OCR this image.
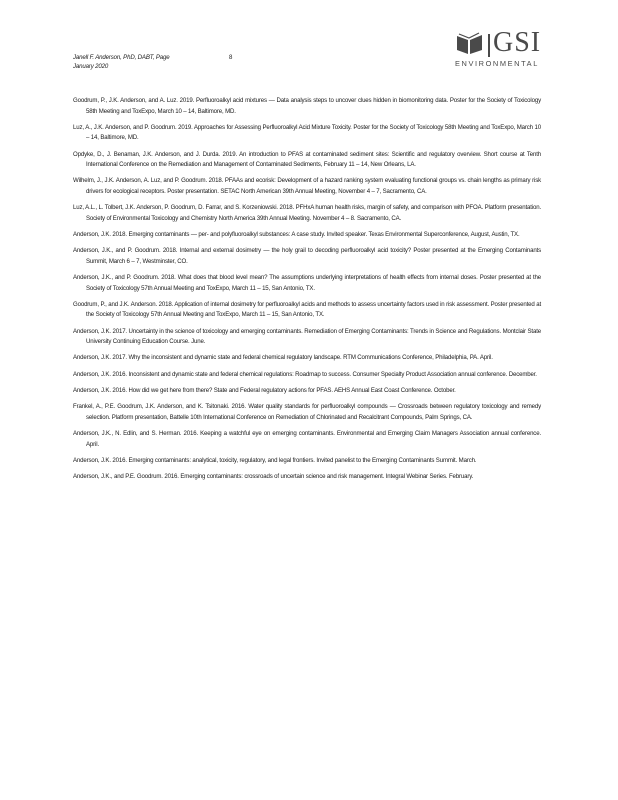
Janell F. Anderson, PhD, DABT, Page
January 2020
8	GSI
ENVIRONMENTAL

Goodrum, P., J.K. Anderson, and A. Luz. 2019. Perfluoroalkyl acid mixtures — Data analysis steps to uncover clues hidden in biomonitoring data. Poster for the Society of Toxicology 58th Meeting and ToxExpo, March 10 – 14, Baltimore, MD.

Luz, A., J.K. Anderson, and P. Goodrum. 2019. Approaches for Assessing Perfluoroalkyl Acid Mixture Toxicity. Poster for the Society of Toxicology 58th Meeting and ToxExpo, March 10 – 14, Baltimore, MD.

Opdyke, D., J. Benaman, J.K. Anderson, and J. Durda. 2019. An introduction to PFAS at contaminated sediment sites: Scientific and regulatory overview. Short course at Tenth International Conference on the Remediation and Management of Contaminated Sediments, February 11 – 14, New Orleans, LA.

Wilhelm, J., J.K. Anderson, A. Luz, and P. Goodrum. 2018. PFAAs and ecorisk: Development of a hazard ranking system evaluating functional groups vs. chain lengths as primary risk drivers for ecological receptors. Poster presentation. SETAC North American 39th Annual Meeting, November 4 – 7, Sacramento, CA.

Luz, A.L., L. Tolbert, J.K. Anderson, P. Goodrum, D. Farrar, and S. Korzeniowski. 2018. PFHxA human health risks, margin of safety, and comparison with PFOA. Platform presentation. Society of Environmental Toxicology and Chemistry North America 39th Annual Meeting. November 4 – 8. Sacramento, CA.

Anderson, J.K. 2018. Emerging contaminants — per- and polyfluoroalkyl substances: A case study. Invited speaker. Texas Environmental Superconference, August, Austin, TX.

Anderson, J.K., and P. Goodrum. 2018. Internal and external dosimetry — the holy grail to decoding perfluoroalkyl acid toxicity? Poster presented at the Emerging Contaminants Summit, March 6 – 7, Westminster, CO.

Anderson, J.K., and P. Goodrum. 2018. What does that blood level mean? The assumptions underlying interpretations of health effects from internal doses. Poster presented at the Society of Toxicology 57th Annual Meeting and ToxExpo, March 11 – 15, San Antonio, TX.

Goodrum, P., and J.K. Anderson. 2018. Application of internal dosimetry for perfluoroalkyl acids and methods to assess uncertainty factors used in risk assessment. Poster presented at the Society of Toxicology 57th Annual Meeting and ToxExpo, March 11 – 15, San Antonio, TX.

Anderson, J.K. 2017. Uncertainty in the science of toxicology and emerging contaminants. Remediation of Emerging Contaminants: Trends in Science and Regulations. Montclair State University Continuing Education Course. June.

Anderson, J.K. 2017. Why the inconsistent and dynamic state and federal chemical regulatory landscape. RTM Communications Conference, Philadelphia, PA. April.

Anderson, J.K. 2016. Inconsistent and dynamic state and federal chemical regulations: Roadmap to success. Consumer Specialty Product Association annual conference. December.

Anderson, J.K. 2016. How did we get here from there? State and Federal regulatory actions for PFAS. AEHS Annual East Coast Conference. October.

Frankel, A., P.E. Goodrum, J.K. Anderson, and K. Tsitonaki. 2016. Water quality standards for perfluoroalkyl compounds — Crossroads between regulatory toxicology and remedy selection. Platform presentation, Battelle 10th International Conference on Remediation of Chlorinated and Recalcitrant Compounds, Palm Springs, CA.

Anderson, J.K., N. Edlin, and S. Herman. 2016. Keeping a watchful eye on emerging contaminants. Environmental and Emerging Claim Managers Association annual conference. April.

Anderson, J.K. 2016. Emerging contaminants: analytical, toxicity, regulatory, and legal frontiers. Invited panelist to the Emerging Contaminants Summit. March.

Anderson, J.K., and P.E. Goodrum. 2016. Emerging contaminants: crossroads of uncertain science and risk management. Integral Webinar Series. February.
